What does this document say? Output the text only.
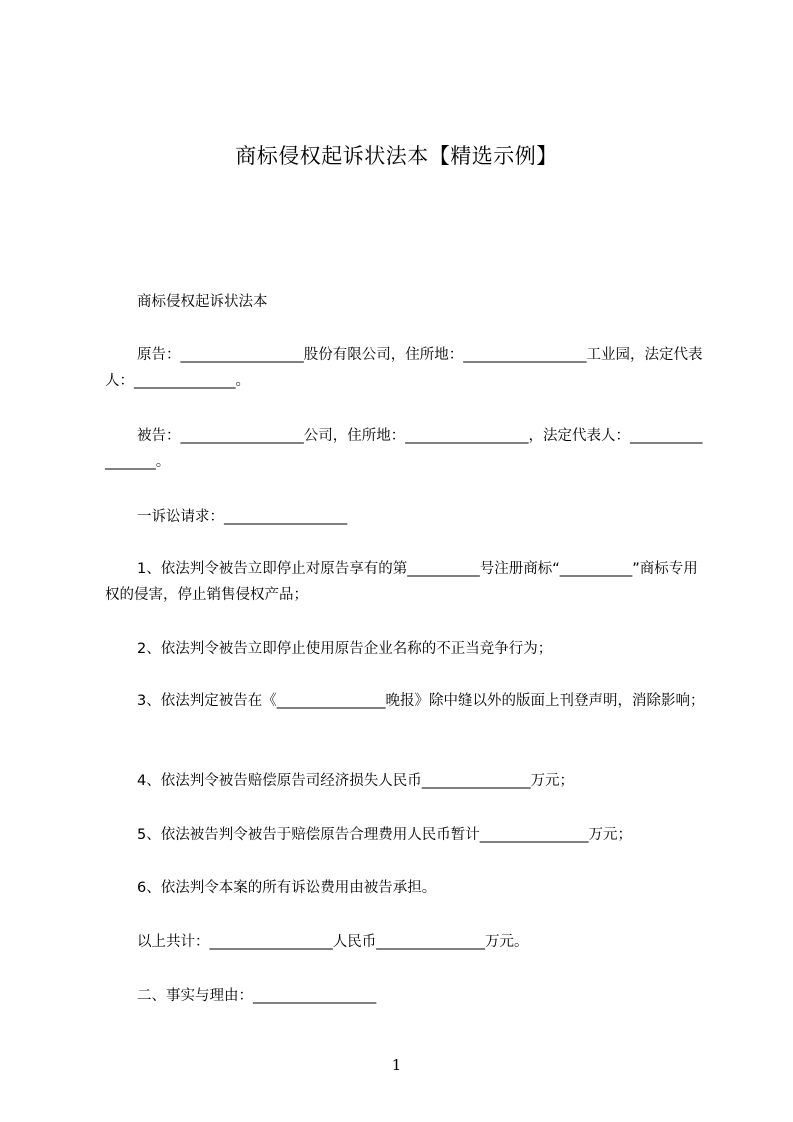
商标侵权起诉状法本【精选示例】

商标侵权起诉状法本

原告：_________________股份有限公司，住所地：_________________工业园，法定代表人：______________。

被告：_________________公司，住所地：_________________，法定代表人：_________________。

一诉讼请求：_________________

1、依法判令被告立即停止对原告享有的第__________号注册商标“__________”商标专用权的侵害，停止销售侵权产品；

2、依法判令被告立即停止使用原告企业名称的不正当竞争行为；

3、依法判定被告在《_______________晚报》除中缝以外的版面上刊登声明，消除影响；

4、依法判令被告赔偿原告司经济损失人民币_______________万元；

5、依法被告判令被告于赔偿原告合理费用人民币暂计_______________万元；

6、依法判令本案的所有诉讼费用由被告承担。

以上共计：_________________人民币_______________万元。

二、事实与理由：_________________

1
